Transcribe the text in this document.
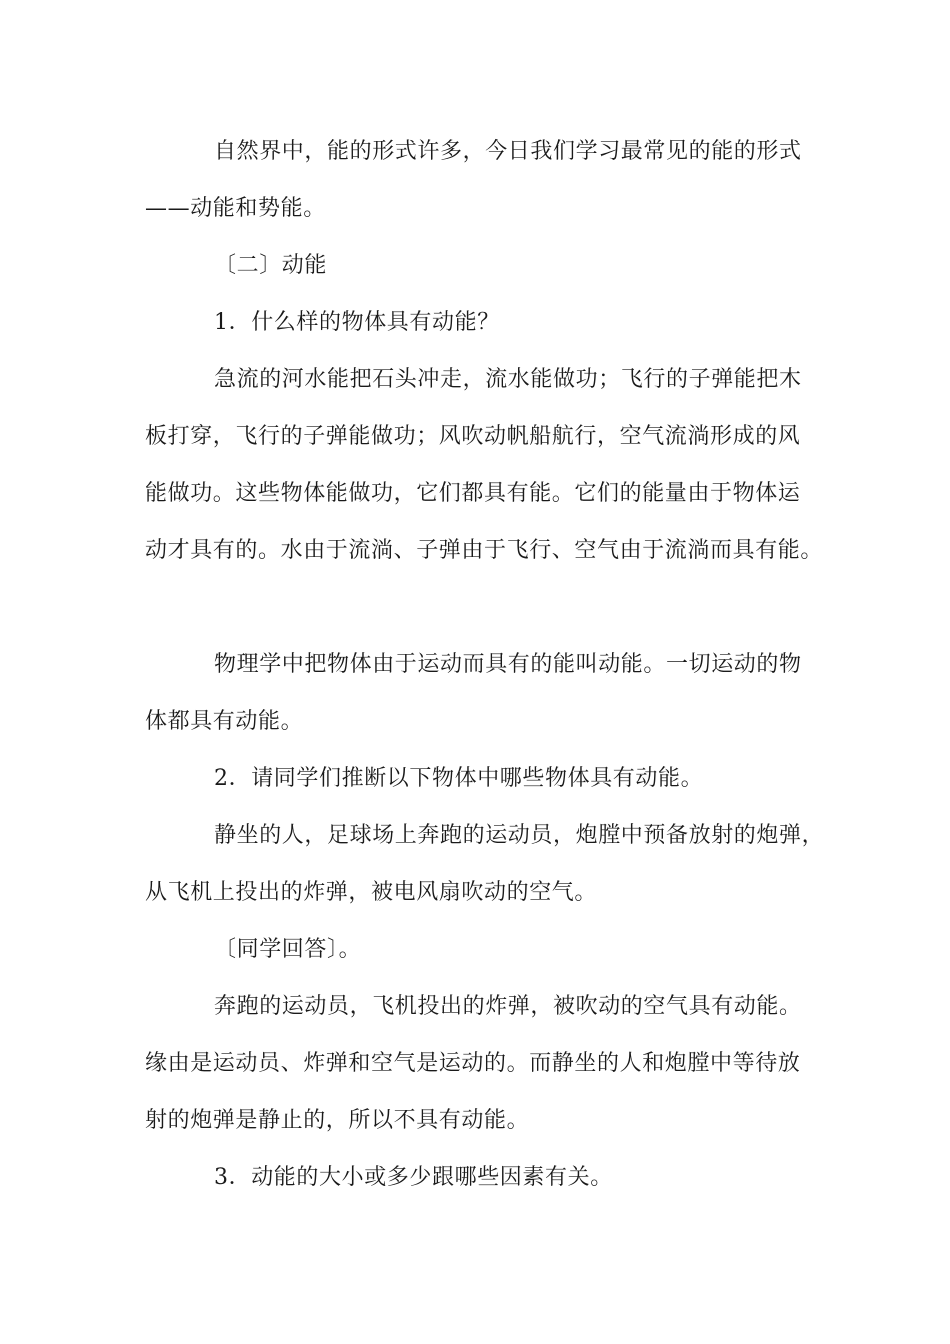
自然界中，能的形式许多，今日我们学习最常见的能的形式
——动能和势能。
〔二〕动能
1．什么样的物体具有动能？
急流的河水能把石头冲走，流水能做功；飞行的子弹能把木
板打穿，飞行的子弹能做功；风吹动帆船航行，空气流淌形成的风
能做功。这些物体能做功，它们都具有能。它们的能量由于物体运
动才具有的。水由于流淌、子弹由于飞行、空气由于流淌而具有能。
物理学中把物体由于运动而具有的能叫动能。一切运动的物
体都具有动能。
2．请同学们推断以下物体中哪些物体具有动能。
静坐的人，足球场上奔跑的运动员，炮膛中预备放射的炮弹，
从飞机上投出的炸弹，被电风扇吹动的空气。
〔同学回答〕。
奔跑的运动员，飞机投出的炸弹，被吹动的空气具有动能。
缘由是运动员、炸弹和空气是运动的。而静坐的人和炮膛中等待放
射的炮弹是静止的，所以不具有动能。
3．动能的大小或多少跟哪些因素有关。
